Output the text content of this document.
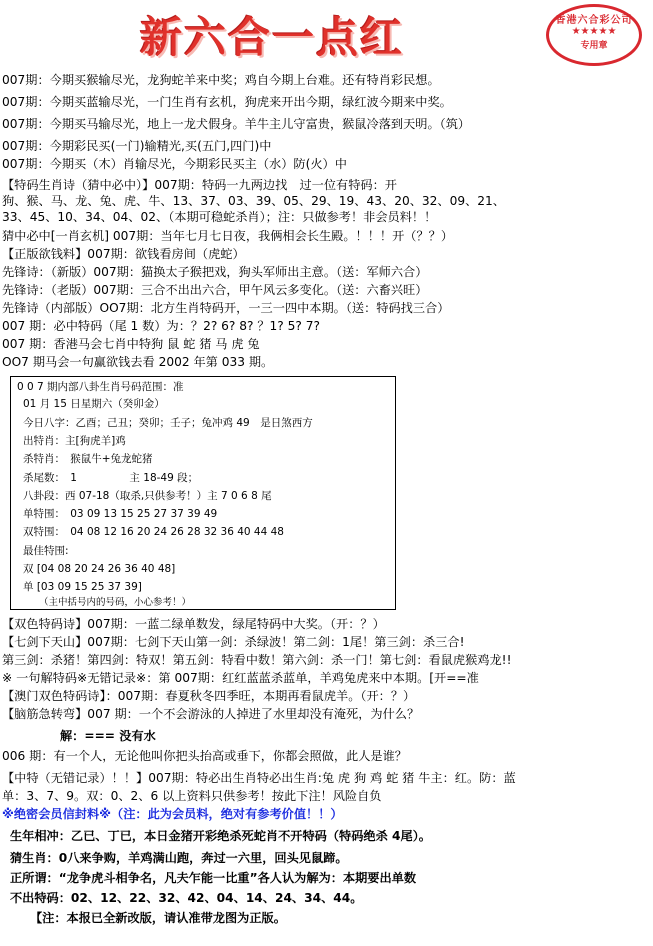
新六合一点红	香港六合彩公司
★★★★★
专用章
007期：今期买猴输尽光，龙狗蛇羊来中奖；鸡自今期上台难。还有特肖彩民想。
007期：今期买蓝输尽光，一门生肖有玄机，狗虎来开出今期，绿红波今期来中奖。
007期：今期买马输尽光，地上一龙犬假身。羊牛主儿守富贵，猴鼠冷落到天明。（筑）
007期：今期彩民买(一门)输精光,买(五门,四门)中
007期：今期买（木）肖输尽光，今期彩民买主（水）防(火）中
【特码生肖诗（猜中必中）】007期：特码一九两边找　过一位有特码：开
狗、猴、马、龙、兔、虎、牛、13、37、03、39、05、29、19、43、20、32、09、21、
33、45、10、34、04、02、（本期可稳蛇杀肖）；注：只做参考！非会员料！！
猜中必中[一肖玄机] 007期：当年七月七日夜，我俩相会长生殿。！！！开（？？）
【正版欲钱料】007期：欲钱看房间（虎蛇）
先锋诗：（新版）007期：猫换太子猴把戏，狗头军师出主意。（送：军师六合）
先锋诗：（老版）007期：三合不出出六合，甲午风云多变化。（送：六畜兴旺）
先锋诗（内部版）OO7期：北方生肖特码开，一三一四中本期。（送：特码找三合）
007 期：必中特码（尾 1 数）为：？2? 6? 8? ？1? 5? 7?
007 期：香港马会七肖中特狗 鼠 蛇 猪 马 虎 兔
OO7 期马会一句赢欲钱去看 2002 年第 033 期。
0 0 7 期内部八卦生肖号码范围：准
01 月 15 日星期六（癸卯金）
今日八字：乙酉；己丑；癸卯；壬子；兔冲鸡 49　是日煞西方
出特肖：主[狗虎羊]鸡
杀特肖：　猴鼠牛+兔龙蛇猪
杀尾数：　1　　　　　主 18-49 段；
八卦段：西 07-18（取杀,只供参考！）主 7 0 6 8 尾
单特围：　03 09 13 15 25 27 37 39 49
双特围：　04 08 12 16 20 24 26 28 32 36 40 44 48
最佳特围:
双 [04 08 20 24 26 36 40 48]
单 [03 09 15 25 37 39]
（主中括号内的号码，小心参考！）
【双色特码诗】007期：一蓝二绿单数发，绿尾特码中大奖。（开：？）
【七剑下天山】007期：七剑下天山第一剑：杀绿波！第二剑：1尾！第三剑：杀三合!
第三剑：杀猪！第四剑：特双！第五剑：特看中数！第六剑：杀一门！第七剑：看鼠虎猴鸡龙!!
※ 一句解特码※无错记录※：第 007期：红红蓝蓝杀蓝单，羊鸡兔虎来中本期。[开==准
【澳门双色特码诗】：007期：春夏秋冬四季旺，本期再看鼠虎羊。（开：？）
【脑筋急转弯】007 期：一个不会游泳的人掉进了水里却没有淹死，为什么？
解：=== 没有水
006 期：有一个人，无论他叫你把头抬高或垂下，你都会照做，此人是谁？
【中特（无错记录）！！】007期：特必出生肖特必出生肖:兔 虎 狗 鸡 蛇 猪 牛主：红。防：蓝
单：3、7、9。双：0、2、6 以上资料只供参考！按此下注！风险自负
※绝密会员信封料※（注：此为会员料，绝对有参考价值！！）
生年相冲：乙已、丁已，本日金猪开彩绝杀死蛇肖不开特码（特码绝杀 4尾）。
猜生肖：0八来争购，羊鸡满山跑，奔过一六里，回头见鼠蹄。
正所谓：“龙争虎斗相争名，凡夫乍能一比重”各人认为解为：本期要出单数
不出特码：02、12、22、32、42、04、14、24、34、44。
【注：本报已全新改版，请认准带龙图为正版。
